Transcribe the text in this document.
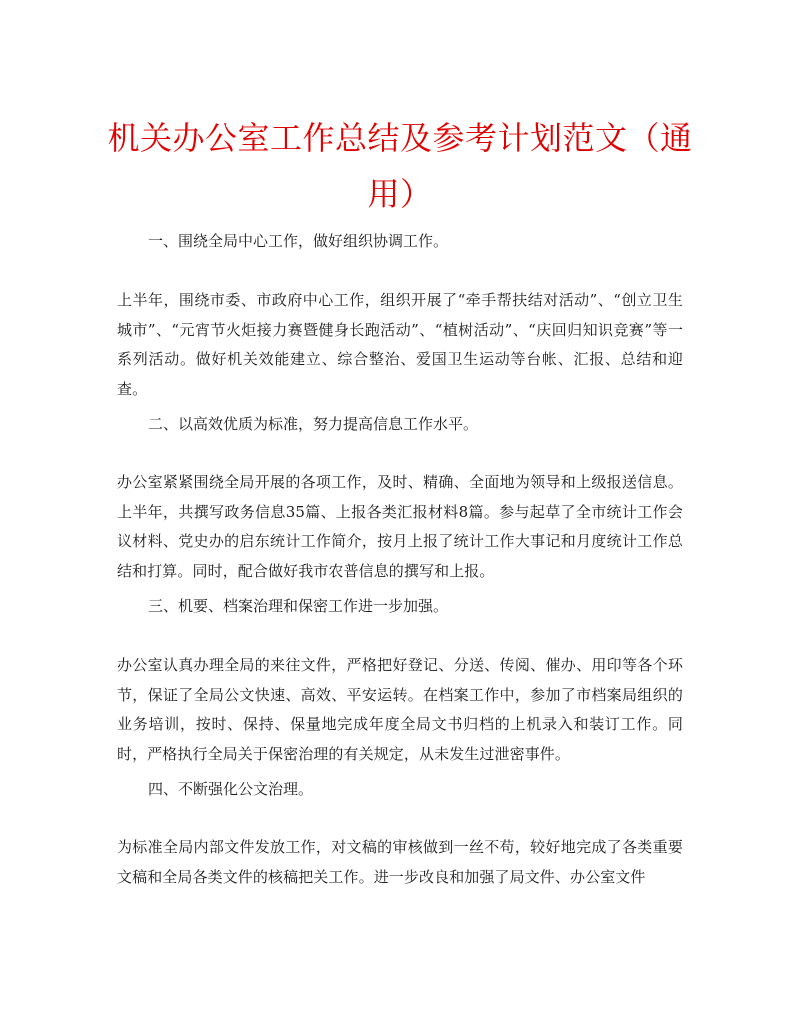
机关办公室工作总结及参考计划范文（通用）

一、围绕全局中心工作，做好组织协调工作。

上半年，围绕市委、市政府中心工作，组织开展了“牵手帮扶结对活动”、“创立卫生城市”、“元宵节火炬接力赛暨健身长跑活动”、“植树活动”、“庆回归知识竞赛”等一系列活动。做好机关效能建立、综合整治、爱国卫生运动等台帐、汇报、总结和迎查。

二、以高效优质为标准，努力提高信息工作水平。

办公室紧紧围绕全局开展的各项工作，及时、精确、全面地为领导和上级报送信息。上半年，共撰写政务信息35篇、上报各类汇报材料8篇。参与起草了全市统计工作会议材料、党史办的启东统计工作简介，按月上报了统计工作大事记和月度统计工作总结和打算。同时，配合做好我市农普信息的撰写和上报。

三、机要、档案治理和保密工作进一步加强。

办公室认真办理全局的来往文件，严格把好登记、分送、传阅、催办、用印等各个环节，保证了全局公文快速、高效、平安运转。在档案工作中，参加了市档案局组织的业务培训，按时、保持、保量地完成年度全局文书归档的上机录入和装订工作。同时，严格执行全局关于保密治理的有关规定，从未发生过泄密事件。

四、不断强化公文治理。

为标准全局内部文件发放工作，对文稿的审核做到一丝不苟，较好地完成了各类重要文稿和全局各类文件的核稿把关工作。进一步改良和加强了局文件、办公室文件
